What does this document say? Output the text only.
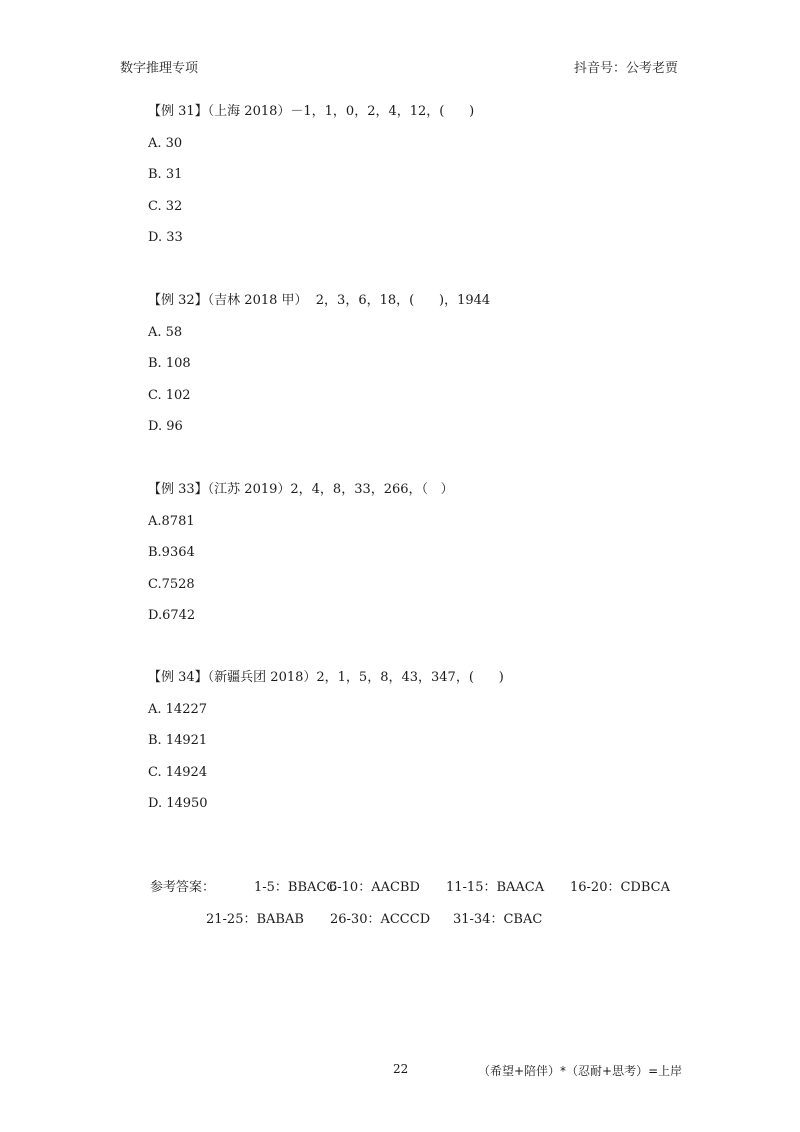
数字推理专项	抖音号：公考老贾
【例 31】（上海 2018）－1，1，0，2，4，12，(      )
A. 30
B. 31
C. 32
D. 33
【例 32】（吉林 2018 甲）  2，3，6，18，(      )，1944
A. 58
B. 108
C. 102
D. 96
【例 33】（江苏 2019）2，4，8，33，266，（   ）
A.8781
B.9364
C.7528
D.6742
【例 34】（新疆兵团 2018）2，1，5，8，43，347，(      )
A. 14227
B. 14921
C. 14924
D. 14950

参考答案：

	1-5：BBACC

6-10：AACBD

11-15：BAACA

16-20：CDBCA

21-25：BABAB

26-30：ACCCD

31-34：CBAC

22	（希望+陪伴）*（忍耐+思考）=上岸
